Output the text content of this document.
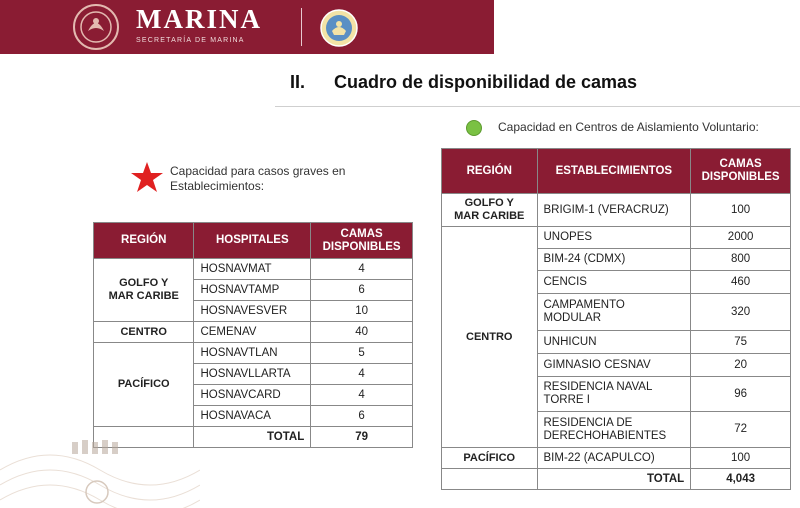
MARINA
SECRETARÍA DE MARINA
II. Cuadro de disponibilidad de camas
Capacidad en Centros de Aislamiento Voluntario:
Capacidad para casos graves en
Establecimientos:
REGIÓN	HOSPITALES	CAMAS DISPONIBLES
GOLFO Y
MAR CARIBE	HOSNAVMAT	4
	HOSNAVTAMP	6
	HOSNAVESVER	10
CENTRO	CEMENAV	40
PACÍFICO	HOSNAVTLAN	5
	HOSNAVLLARTA	4
	HOSNAVCARD	4
	HOSNAVACA	6
	TOTAL	79
REGIÓN	ESTABLECIMIENTOS	CAMAS DISPONIBLES
GOLFO Y
MAR CARIBE	BRIGIM-1 (VERACRUZ)	100
CENTRO	UNOPES	2000
	BIM-24 (CDMX)	800
	CENCIS	460
	CAMPAMENTO MODULAR	320
	UNHICUN	75
	GIMNASIO CESNAV	20
	RESIDENCIA NAVAL TORRE I	96
	RESIDENCIA DE DERECHOHABIENTES	72
PACÍFICO	BIM-22 (ACAPULCO)	100
	TOTAL	4,043
